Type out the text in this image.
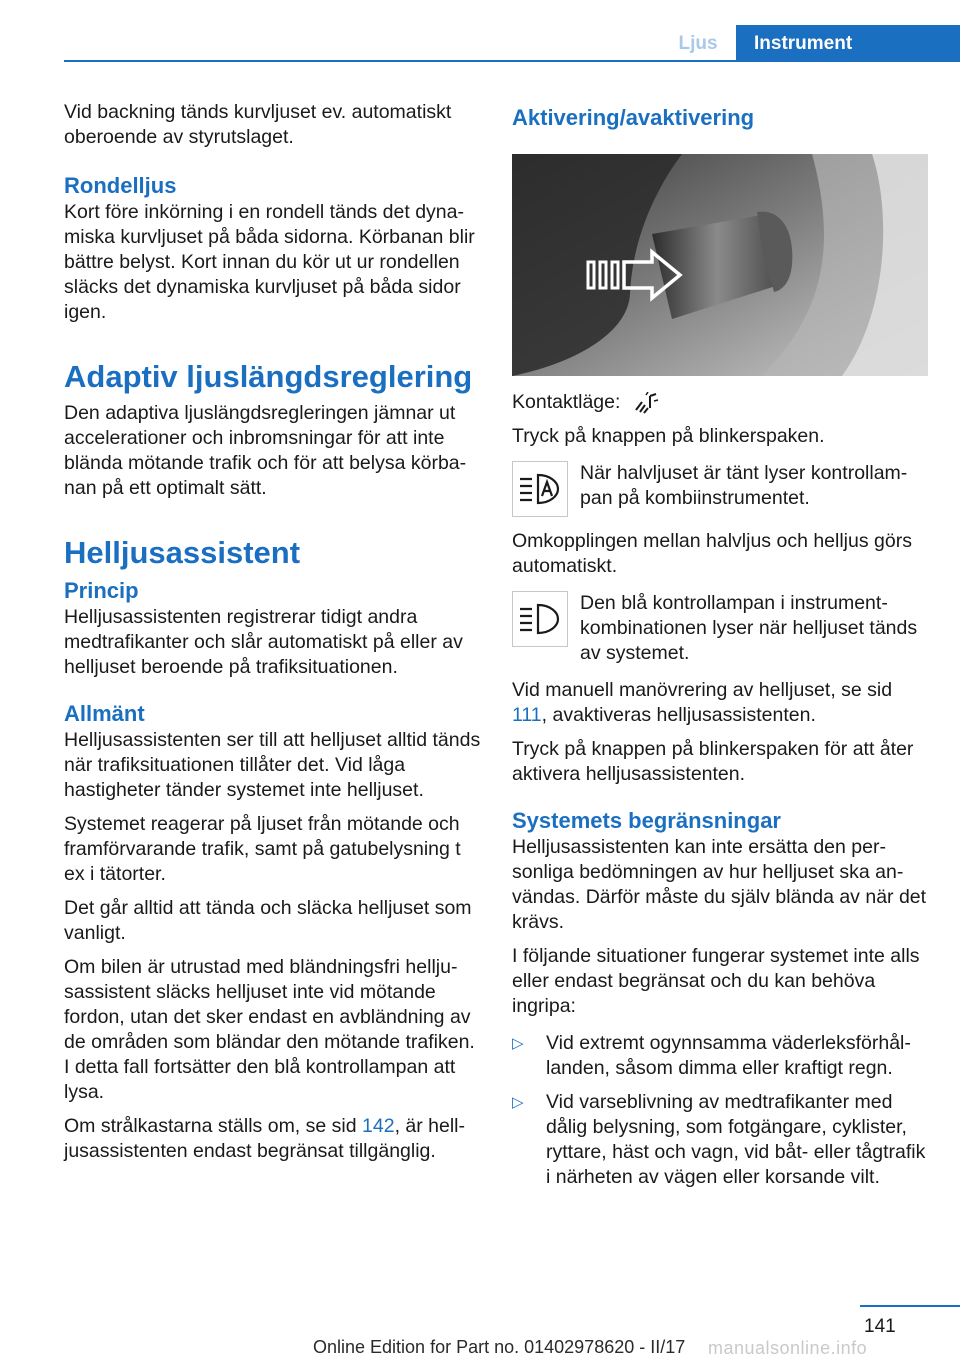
Ljus	Instrument

Vid backning tänds kurvljuset ev. automatiskt oberoende av styrutslaget.

Rondelljus

Kort före inkörning i en rondell tänds det dynamiska kurvljuset på båda sidorna. Körbanan blir bättre belyst. Kort innan du kör ut ur rondellen släcks det dynamiska kurvljuset på båda sidor igen.

Adaptiv ljuslängdsreglering

Den adaptiva ljuslängdsregleringen jämnar ut accelerationer och inbromsningar för att inte blända mötande trafik och för att belysa körbanan på ett optimalt sätt.

Helljusassistent
Princip

Helljusassistenten registrerar tidigt andra medtrafikanter och slår automatiskt på eller av helljuset beroende på trafiksituationen.

Allmänt

Helljusassistenten ser till att helljuset alltid tänds när trafiksituationen tillåter det. Vid låga hastigheter tänder systemet inte helljuset.

Systemet reagerar på ljuset från mötande och framförvarande trafik, samt på gatubelysning t ex i tätorter.

Det går alltid att tända och släcka helljuset som vanligt.

Om bilen är utrustad med bländningsfri helljusassistent släcks helljuset inte vid mötande fordon, utan det sker endast en avbländning av de områden som bländar den mötande trafiken. I detta fall fortsätter den blå kontrollampan att lysa.

Om strålkastarna ställs om, se sid 142, är helljusassistenten endast begränsat tillgänglig.

Aktivering/avaktivering

Kontaktläge:

Tryck på knappen på blinkerspaken.

När halvljuset är tänt lyser kontrollampan på kombiinstrumentet.

Omkopplingen mellan halvljus och helljus görs automatiskt.

Den blå kontrollampan i instrumentkombinationen lyser när helljuset tänds av systemet.

Vid manuell manövrering av helljuset, se sid 111, avaktiveras helljusassistenten.

Tryck på knappen på blinkerspaken för att åter aktivera helljusassistenten.

Systemets begränsningar

Helljusassistenten kan inte ersätta den personliga bedömningen av hur helljuset ska användas. Därför måste du själv blända av när det krävs.

I följande situationer fungerar systemet inte alls eller endast begränsat och du kan behöva ingripa:

▷	Vid extremt ogynnsamma väderleksförhållanden, såsom dimma eller kraftigt regn.
▷	Vid varseblivning av medtrafikanter med dålig belysning, som fotgängare, cyklister, ryttare, häst och vagn, vid båt- eller tågtrafik i närheten av vägen eller korsande vilt.
141
Online Edition for Part no. 01402978620 - II/17 manualsonline.info
